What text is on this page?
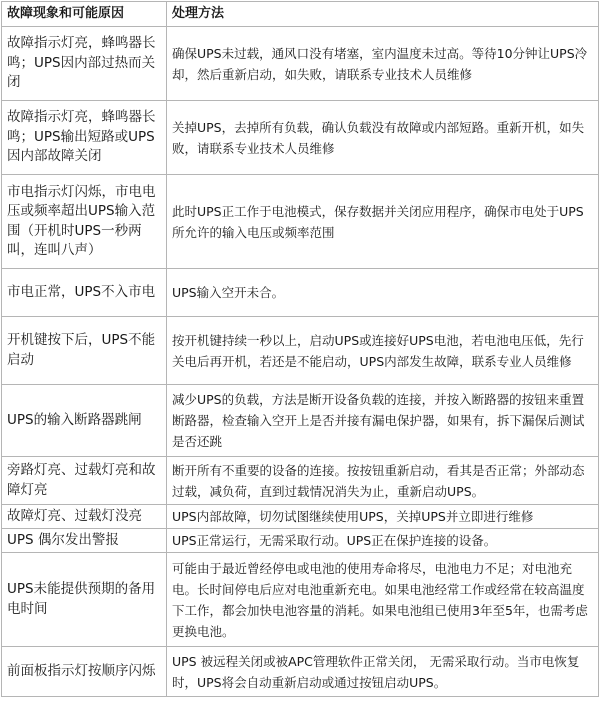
故障现象和可能原因	处理方法
故障指示灯亮，蜂鸣器长鸣；UPS因内部过热而关闭	确保UPS未过载，通风口没有堵塞，室内温度未过高。等待10分钟让UPS冷却，然后重新启动，如失败，请联系专业技术人员维修
故障指示灯亮，蜂鸣器长鸣；UPS输出短路或UPS因内部故障关闭	关掉UPS，去掉所有负载，确认负载没有故障或内部短路。重新开机，如失败，请联系专业技术人员维修
市电指示灯闪烁，市电电压或频率超出UPS输入范围（开机时UPS一秒两叫，连叫八声）	此时UPS正工作于电池模式，保存数据并关闭应用程序，确保市电处于UPS所允许的输入电压或频率范围
市电正常，UPS不入市电	UPS输入空开未合。
开机键按下后，UPS不能启动	按开机键持续一秒以上，启动UPS或连接好UPS电池，若电池电压低，先行关电后再开机，若还是不能启动，UPS内部发生故障，联系专业人员维修
UPS的输入断路器跳闸	减少UPS的负载，方法是断开设备负载的连接，并按入断路器的按钮来重置断路器，检查输入空开上是否并接有漏电保护器，如果有，拆下漏保后测试是否还跳
旁路灯亮、过载灯亮和故障灯亮	断开所有不重要的设备的连接。按按钮重新启动，看其是否正常；外部动态过载，减负荷，直到过载情况消失为止，重新启动UPS。
故障灯亮、过载灯没亮	UPS内部故障，切勿试图继续使用UPS，关掉UPS并立即进行维修
UPS 偶尔发出警报	UPS正常运行，无需采取行动。UPS正在保护连接的设备。
UPS未能提供预期的备用电时间	可能由于最近曾经停电或电池的使用寿命将尽，电池电力不足；对电池充电。长时间停电后应对电池重新充电。如果电池经常工作或经常在较高温度下工作，都会加快电池容量的消耗。如果电池组已使用3年至5年，也需考虑更换电池。
前面板指示灯按顺序闪烁	UPS 被远程关闭或被APC管理软件正常关闭， 无需采取行动。当市电恢复时，UPS将会自动重新启动或通过按钮启动UPS。
